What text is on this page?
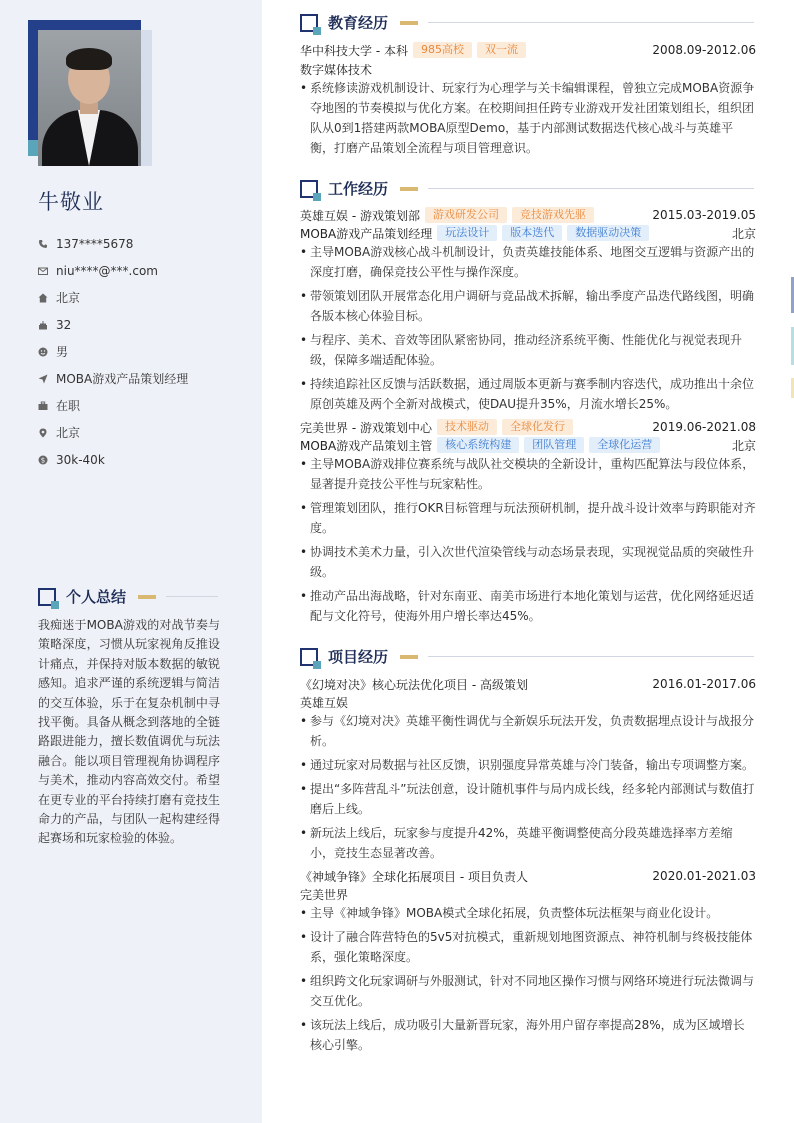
牛敬业
137****5678
niu****@***.com
北京
32
男
MOBA游戏产品策划经理
在职
北京
$ 30k-40k
个人总结
我痴迷于MOBA游戏的对战节奏与策略深度，习惯从玩家视角反推设计痛点，并保持对版本数据的敏锐感知。追求严谨的系统逻辑与简洁的交互体验，乐于在复杂机制中寻找平衡。具备从概念到落地的全链路跟进能力，擅长数值调优与玩法融合。能以项目管理视角协调程序与美术，推动内容高效交付。希望在更专业的平台持续打磨有竞技生命力的产品，与团队一起构建经得起赛场和玩家检验的体验。
教育经历
华中科技大学 - 本科	985高校	双一流	2008.09-2012.06
数字媒体技术
• 系统修读游戏机制设计、玩家行为心理学与关卡编辑课程，曾独立完成MOBA资源争夺地图的节奏模拟与优化方案。在校期间担任跨专业游戏开发社团策划组长，组织团队从0到1搭建两款MOBA原型Demo，基于内部测试数据迭代核心战斗与英雄平衡，打磨产品策划全流程与项目管理意识。
工作经历
英雄互娱 - 游戏策划部	游戏研发公司	竞技游戏先驱	2015.03-2019.05
MOBA游戏产品策划经理	玩法设计	版本迭代	数据驱动决策	北京
• 主导MOBA游戏核心战斗机制设计，负责英雄技能体系、地图交互逻辑与资源产出的深度打磨，确保竞技公平性与操作深度。
• 带领策划团队开展常态化用户调研与竞品战术拆解，输出季度产品迭代路线图，明确各版本核心体验目标。
• 与程序、美术、音效等团队紧密协同，推动经济系统平衡、性能优化与视觉表现升级，保障多端适配体验。
• 持续追踪社区反馈与活跃数据，通过周版本更新与赛季制内容迭代，成功推出十余位原创英雄及两个全新对战模式，使DAU提升35%，月流水增长25%。
完美世界 - 游戏策划中心	技术驱动	全球化发行	2019.06-2021.08
MOBA游戏产品策划主管	核心系统构建	团队管理	全球化运营	北京
• 主导MOBA游戏排位赛系统与战队社交模块的全新设计，重构匹配算法与段位体系，显著提升竞技公平性与玩家粘性。
• 管理策划团队，推行OKR目标管理与玩法预研机制，提升战斗设计效率与跨职能对齐度。
• 协调技术美术力量，引入次世代渲染管线与动态场景表现，实现视觉品质的突破性升级。
• 推动产品出海战略，针对东南亚、南美市场进行本地化策划与运营，优化网络延迟适配与文化符号，使海外用户增长率达45%。
项目经历
《幻境对决》核心玩法优化项目 - 高级策划	2016.01-2017.06
英雄互娱
• 参与《幻境对决》英雄平衡性调优与全新娱乐玩法开发，负责数据埋点设计与战报分析。
• 通过玩家对局数据与社区反馈，识别强度异常英雄与冷门装备，输出专项调整方案。
• 提出“多阵营乱斗”玩法创意，设计随机事件与局内成长线，经多轮内部测试与数值打磨后上线。
• 新玩法上线后，玩家参与度提升42%，英雄平衡调整使高分段英雄选择率方差缩小，竞技生态显著改善。
《神域争锋》全球化拓展项目 - 项目负责人	2020.01-2021.03
完美世界
• 主导《神域争锋》MOBA模式全球化拓展，负责整体玩法框架与商业化设计。
• 设计了融合阵营特色的5v5对抗模式，重新规划地图资源点、神符机制与终极技能体系，强化策略深度。
• 组织跨文化玩家调研与外服测试，针对不同地区操作习惯与网络环境进行玩法微调与交互优化。
• 该玩法上线后，成功吸引大量新晋玩家，海外用户留存率提高28%，成为区域增长核心引擎。
